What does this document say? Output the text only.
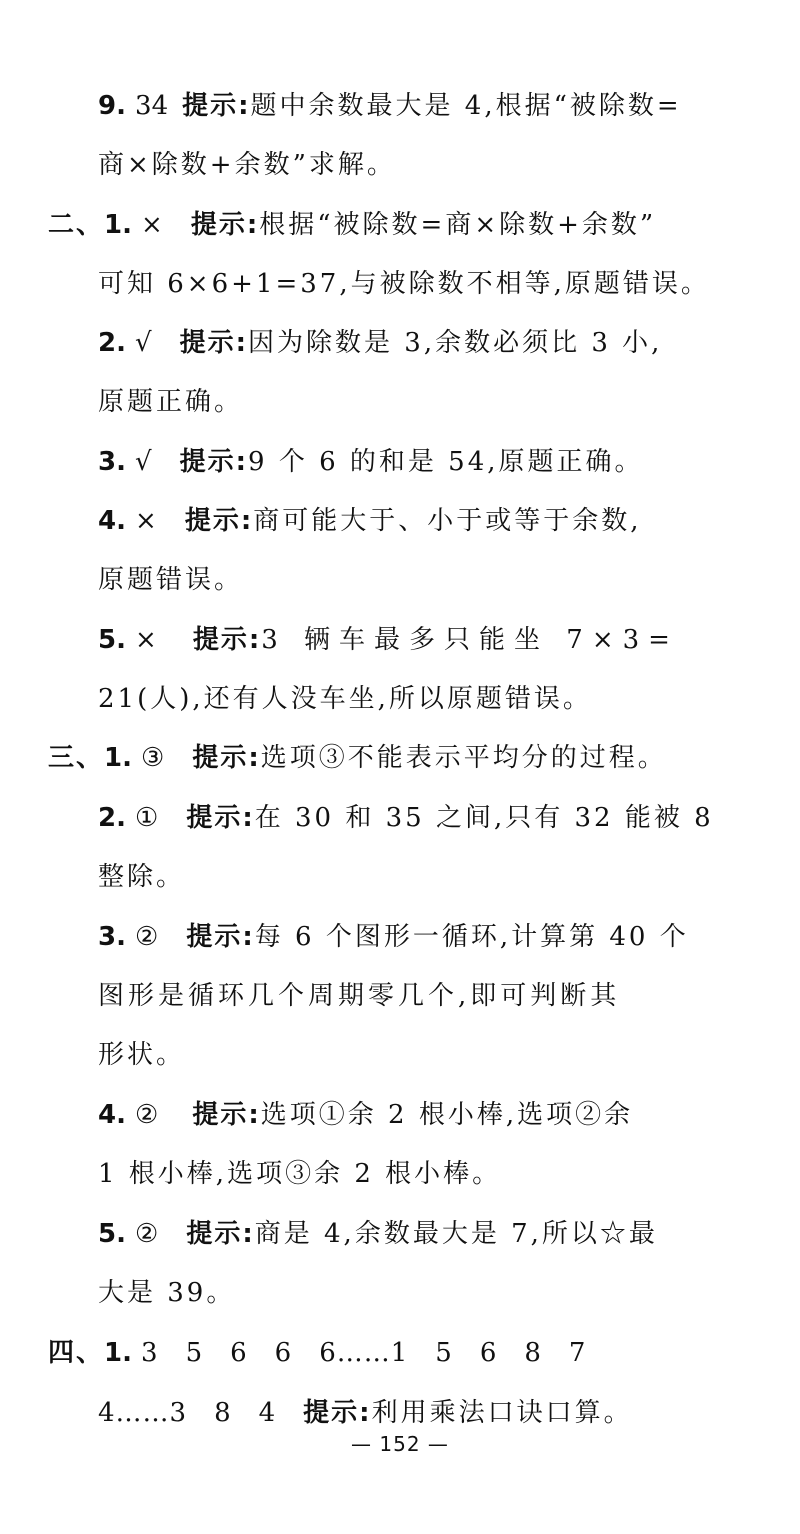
9. 34 提示:题中余数最大是 4,根据“被除数=
商×除数+余数”求解。
二、1. × 提示:根据“被除数=商×除数+余数”
可知 6×6+1=37,与被除数不相等,原题错误。
2. √ 提示:因为除数是 3,余数必须比 3 小,
原题正确。
3. √ 提示:9 个 6 的和是 54,原题正确。
4. × 提示:商可能大于、小于或等于余数,
原题错误。
5. × 提示:3 辆车最多只能坐 7×3=
21(人),还有人没车坐,所以原题错误。
三、1. ③ 提示:选项③不能表示平均分的过程。
2. ① 提示:在 30 和 35 之间,只有 32 能被 8
整除。
3. ② 提示:每 6 个图形一循环,计算第 40 个
图形是循环几个周期零几个,即可判断其
形状。
4. ② 提示:选项①余 2 根小棒,选项②余
1 根小棒,选项③余 2 根小棒。
5. ② 提示:商是 4,余数最大是 7,所以☆最
大是 39。
四、1. 3　5　6　6　6……1　5　6　8　7
4……3　8　4　提示:利用乘法口诀口算。
— 152 —
